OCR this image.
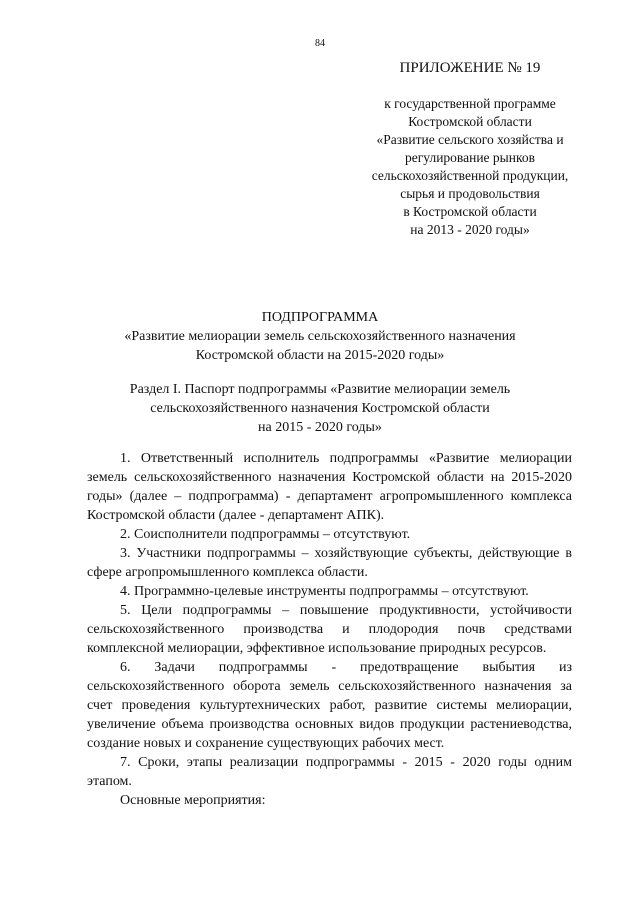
84
ПРИЛОЖЕНИЕ № 19
к государственной программе
Костромской области
«Развитие сельского хозяйства и
регулирование рынков
сельскохозяйственной продукции,
сырья и продовольствия
в Костромской области
на 2013 - 2020 годы»
ПОДПРОГРАММА
«Развитие мелиорации земель сельскохозяйственного назначения
Костромской области на 2015-2020 годы»
Раздел I. Паспорт подпрограммы «Развитие мелиорации земель
сельскохозяйственного назначения Костромской области
на 2015 - 2020 годы»

1. Ответственный исполнитель подпрограммы «Развитие мелиорации земель сельскохозяйственного назначения Костромской области на 2015-2020 годы» (далее – подпрограмма) - департамент агропромышленного комплекса Костромской области (далее - департамент АПК).

2. Соисполнители подпрограммы – отсутствуют.

3. Участники подпрограммы – хозяйствующие субъекты, действующие в сфере агропромышленного комплекса области.

4. Программно-целевые инструменты подпрограммы – отсутствуют.

5. Цели подпрограммы – повышение продуктивности, устойчивости сельскохозяйственного производства и плодородия почв средствами комплексной мелиорации, эффективное использование природных ресурсов.

6. Задачи подпрограммы - предотвращение выбытия из сельскохозяйственного оборота земель сельскохозяйственного назначения за счет проведения культуртехнических работ, развитие системы мелиорации, увеличение объема производства основных видов продукции растениеводства, создание новых и сохранение существующих рабочих мест.

7. Сроки, этапы реализации подпрограммы - 2015 - 2020 годы одним этапом.

Основные мероприятия:
